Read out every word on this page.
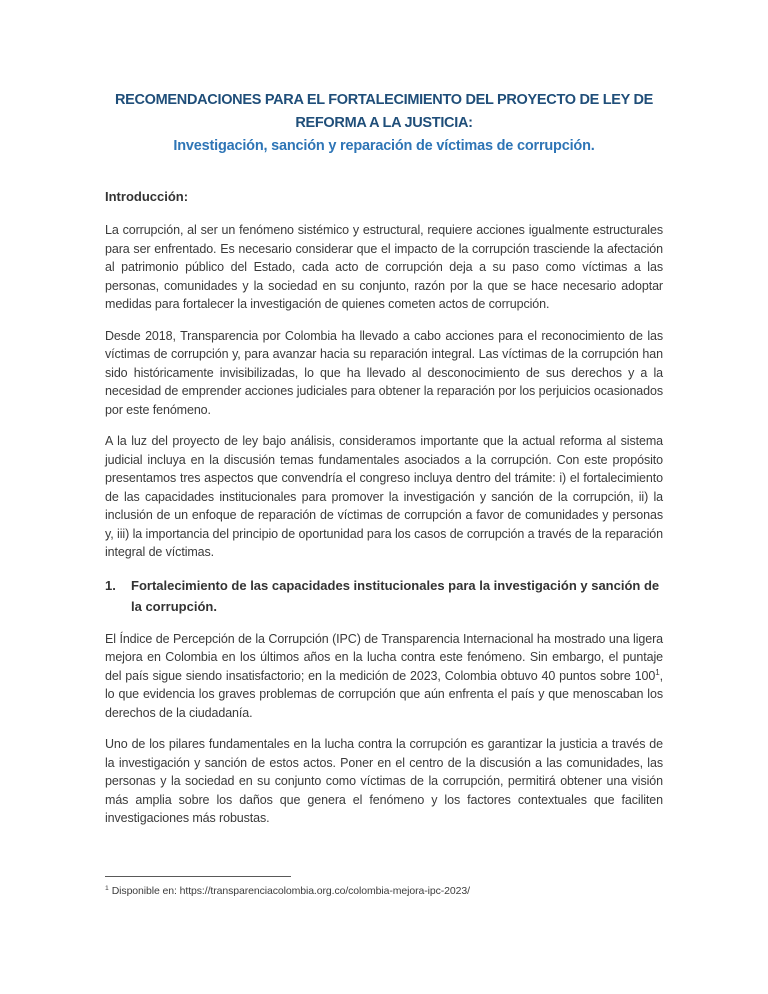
RECOMENDACIONES PARA EL FORTALECIMIENTO DEL PROYECTO DE LEY DE
REFORMA A LA JUSTICIA:
Investigación, sanción y reparación de víctimas de corrupción.
Introducción:

La corrupción, al ser un fenómeno sistémico y estructural, requiere acciones igualmente estructurales para ser enfrentado. Es necesario considerar que el impacto de la corrupción trasciende la afectación al patrimonio público del Estado, cada acto de corrupción deja a su paso como víctimas a las personas, comunidades y la sociedad en su conjunto, razón por la que se hace necesario adoptar medidas para fortalecer la investigación de quienes cometen actos de corrupción.

Desde 2018, Transparencia por Colombia ha llevado a cabo acciones para el reconocimiento de las víctimas de corrupción y, para avanzar hacia su reparación integral. Las víctimas de la corrupción han sido históricamente invisibilizadas, lo que ha llevado al desconocimiento de sus derechos y a la necesidad de emprender acciones judiciales para obtener la reparación por los perjuicios ocasionados por este fenómeno.

A la luz del proyecto de ley bajo análisis, consideramos importante que la actual reforma al sistema judicial incluya en la discusión temas fundamentales asociados a la corrupción. Con este propósito presentamos tres aspectos que convendría el congreso incluya dentro del trámite: i) el fortalecimiento de las capacidades institucionales para promover la investigación y sanción de la corrupción, ii) la inclusión de un enfoque de reparación de víctimas de corrupción a favor de comunidades y personas y, iii) la importancia del principio de oportunidad para los casos de corrupción a través de la reparación integral de víctimas.

1.	Fortalecimiento de las capacidades institucionales para la investigación y sanción de la corrupción.

El Índice de Percepción de la Corrupción (IPC) de Transparencia Internacional ha mostrado una ligera mejora en Colombia en los últimos años en la lucha contra este fenómeno. Sin embargo, el puntaje del país sigue siendo insatisfactorio; en la medición de 2023, Colombia obtuvo 40 puntos sobre $100^1$, lo que evidencia los graves problemas de corrupción que aún enfrenta el país y que menoscaban los derechos de la ciudadanía.

Uno de los pilares fundamentales en la lucha contra la corrupción es garantizar la justicia a través de la investigación y sanción de estos actos. Poner en el centro de la discusión a las comunidades, las personas y la sociedad en su conjunto como víctimas de la corrupción, permitirá obtener una visión más amplia sobre los daños que genera el fenómeno y los factores contextuales que faciliten investigaciones más robustas.

$^1$ Disponible en: https://transparenciacolombia.org.co/colombia-mejora-ipc-2023/
